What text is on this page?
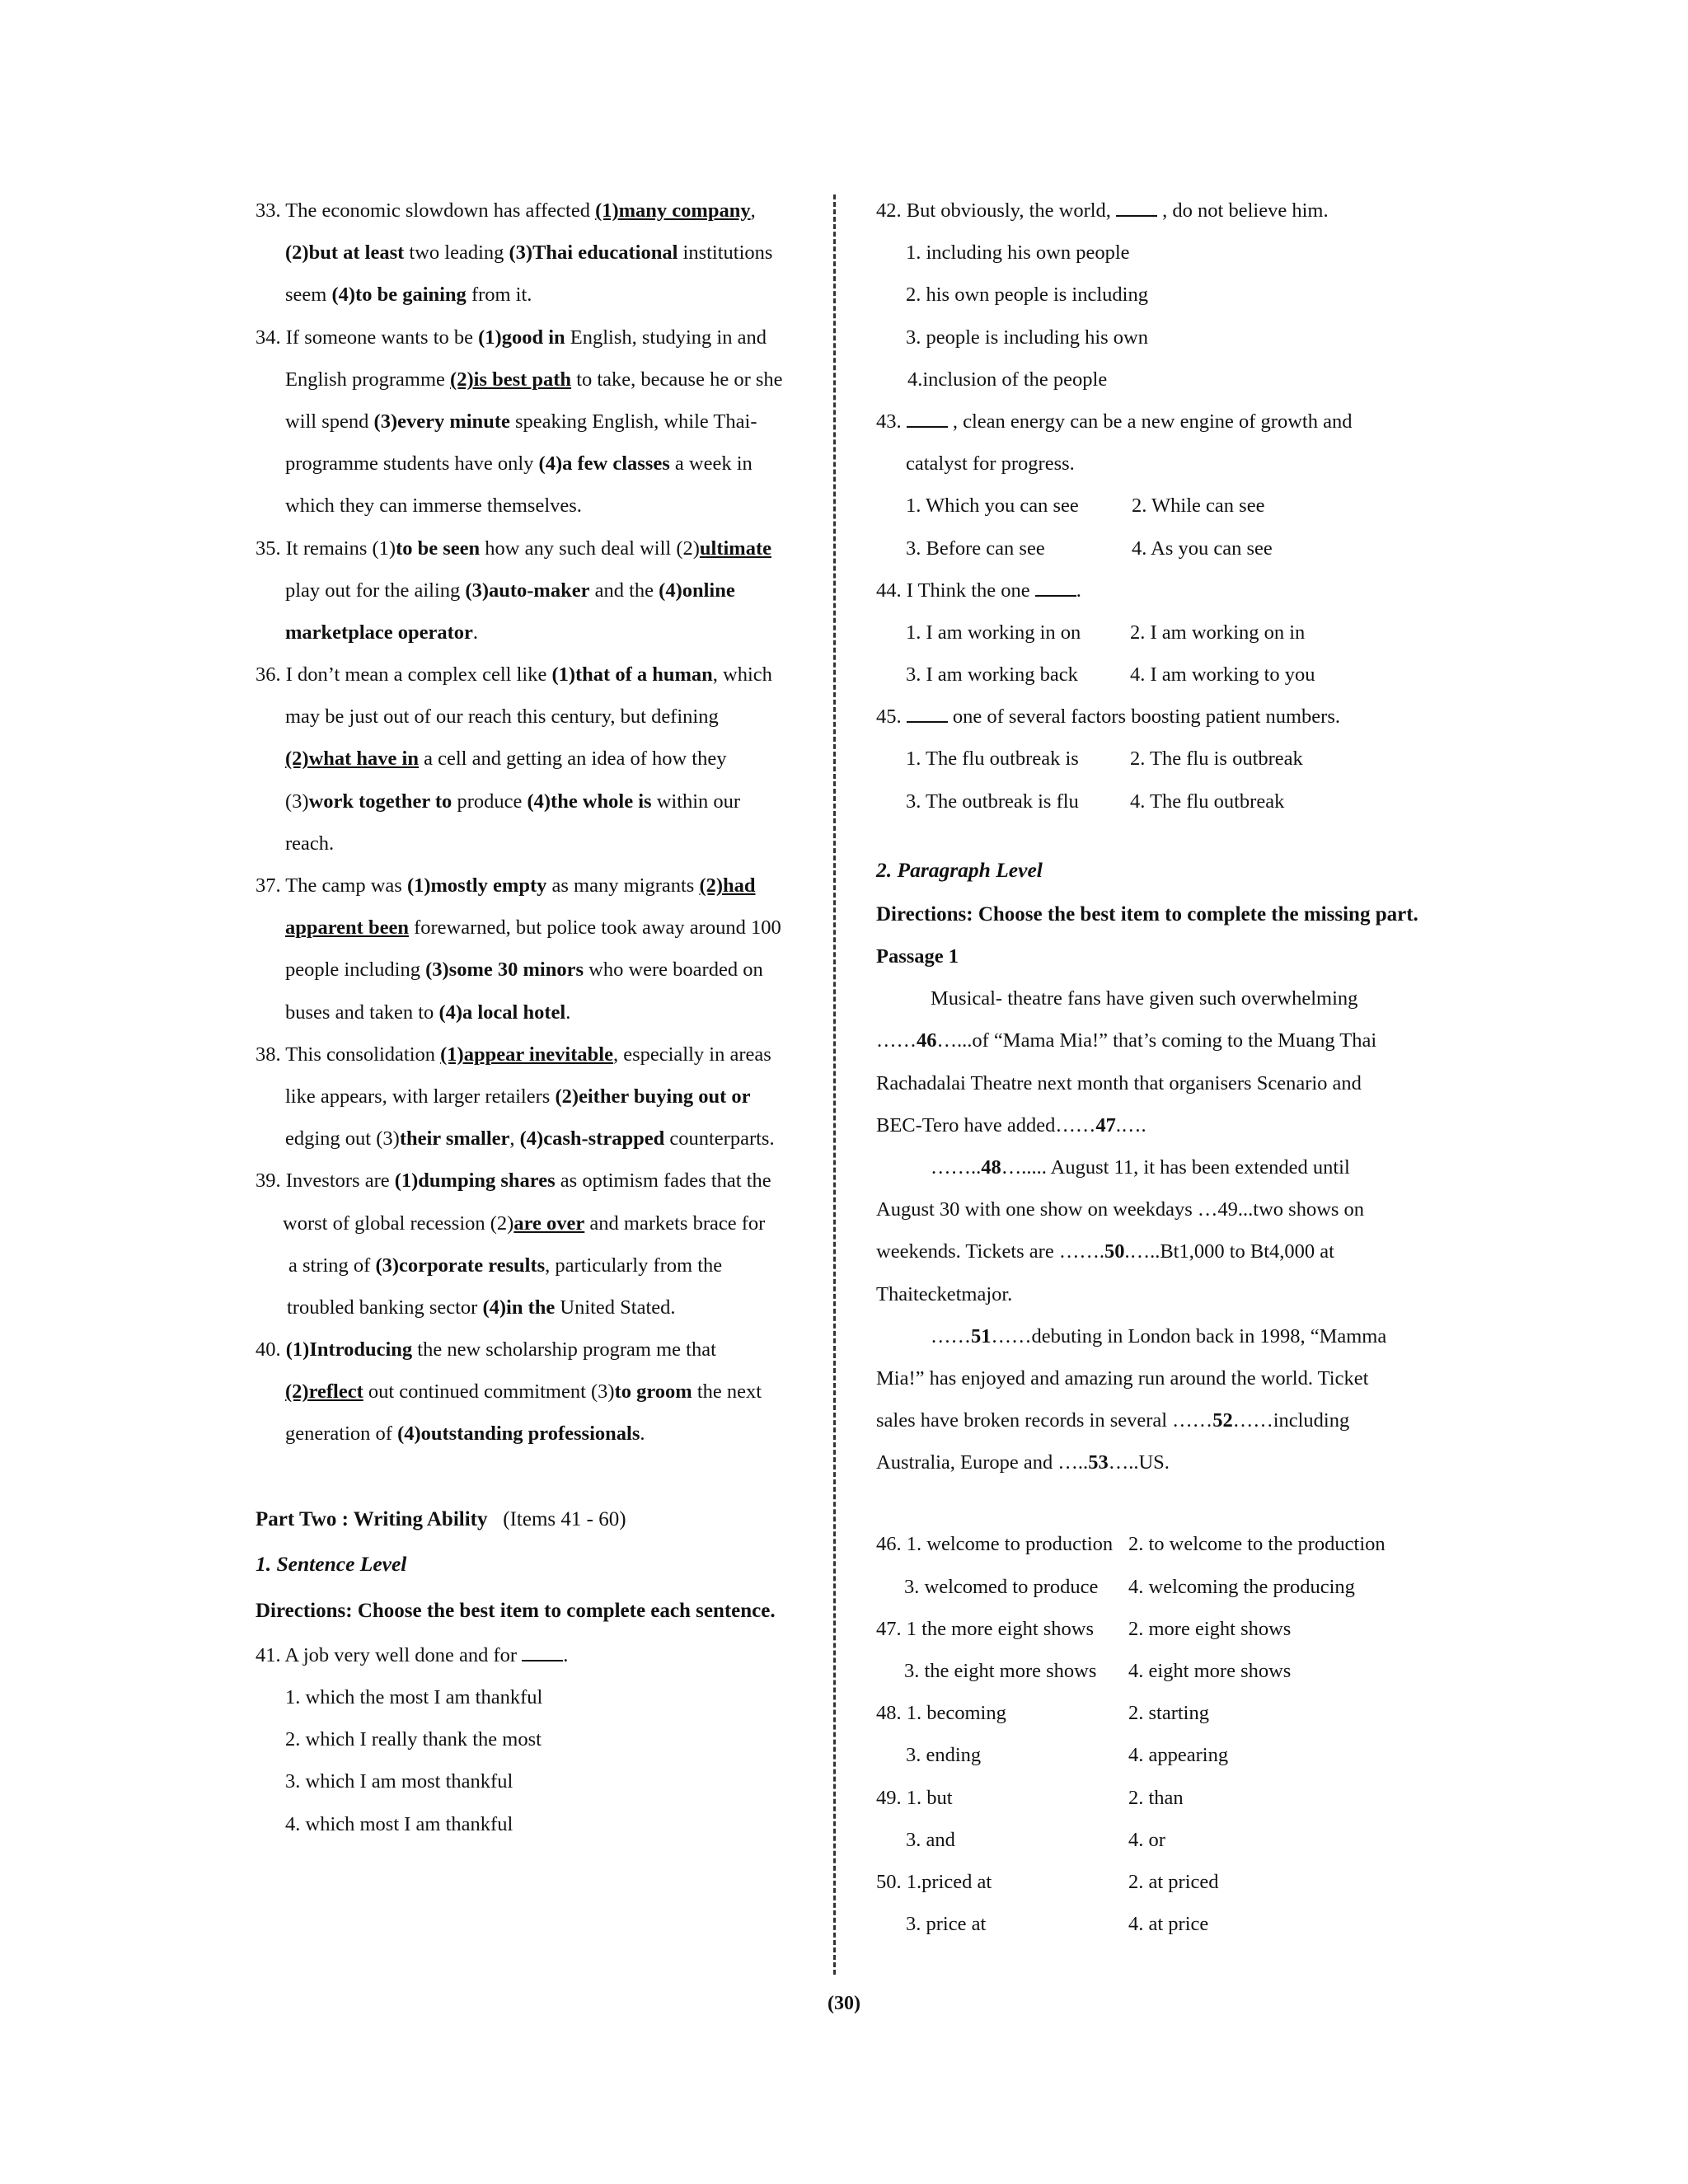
33. The economic slowdown has affected (1)many company,
(2)but at least two leading (3)Thai educational institutions
seem (4)to be gaining from it.
34. If someone wants to be (1)good in English, studying in and
English programme (2)is best path to take, because he or she
will spend (3)every minute speaking English, while Thai-
programme students have only (4)a few classes a week in
which they can immerse themselves.
35. It remains (1)to be seen how any such deal will (2)ultimate
play out for the ailing (3)auto-maker and the (4)online
marketplace operator.
36. I don’t mean a complex cell like (1)that of a human, which
may be just out of our reach this century, but defining
(2)what have in a cell and getting an idea of how they
(3)work together to produce (4)the whole is within our
reach.
37. The camp was (1)mostly empty as many migrants (2)had
apparent been forewarned, but police took away around 100
people including (3)some 30 minors who were boarded on
buses and taken to (4)a local hotel.
38. This consolidation (1)appear inevitable, especially in areas
like appears, with larger retailers (2)either buying out or
edging out (3)their smaller, (4)cash-strapped counterparts.
39. Investors are (1)dumping shares as optimism fades that the
worst of global recession (2)are over and markets brace for
a string of (3)corporate results, particularly from the
troubled banking sector (4)in the United Stated.
40. (1)Introducing the new scholarship program me that
(2)reflect out continued commitment (3)to groom the next
generation of (4)outstanding professionals.
Part Two : Writing Ability (Items 41 - 60)
1. Sentence Level
Directions: Choose the best item to complete each sentence.
41. A job very well done and for .
1. which the most I am thankful
2. which I really thank the most
3. which I am most thankful
4. which most I am thankful
42. But obviously, the world,  , do not believe him.
1. including his own people
2. his own people is including
3. people is including his own
4.inclusion of the people
43.  , clean energy can be a new engine of growth and
catalyst for progress.
1. Which you can see	2. While can see
3. Before can see	4. As you can see
44. I Think the one .
1. I am working in on 2. I am working on in
3. I am working back	4. I am working to you
45.  one of several factors boosting patient numbers.
1. The flu outbreak is	2. The flu is outbreak
3. The outbreak is flu	4. The flu outbreak
2. Paragraph Level
Directions: Choose the best item to complete the missing part.
Passage 1
Musical- theatre fans have given such overwhelming
……46…...of “Mama Mia!” that’s coming to the Muang Thai
Rachadalai Theatre next month that organisers Scenario and
BEC-Tero have added……47.….
……..48…..... August 11, it has been extended until
August 30 with one show on weekdays …49...two shows on
weekends. Tickets are …….50.…..Bt1,000 to Bt4,000 at
Thaitecketmajor.
……51……debuting in London back in 1998, “Mamma
Mia!” has enjoyed and amazing run around the world. Ticket
sales have broken records in several ……52……including
Australia, Europe and …..53…..US.
46. 1. welcome to production 2. to welcome to the production
3. welcomed to produce 4. welcoming the producing
47. 1 the more eight shows 2. more eight shows
3. the eight more shows 4. eight more shows
48. 1. becoming	2. starting
3. ending	4. appearing
49. 1. but	2. than
3. and	4. or
50. 1.priced at	2. at priced
3. price at	4. at price
(30)
